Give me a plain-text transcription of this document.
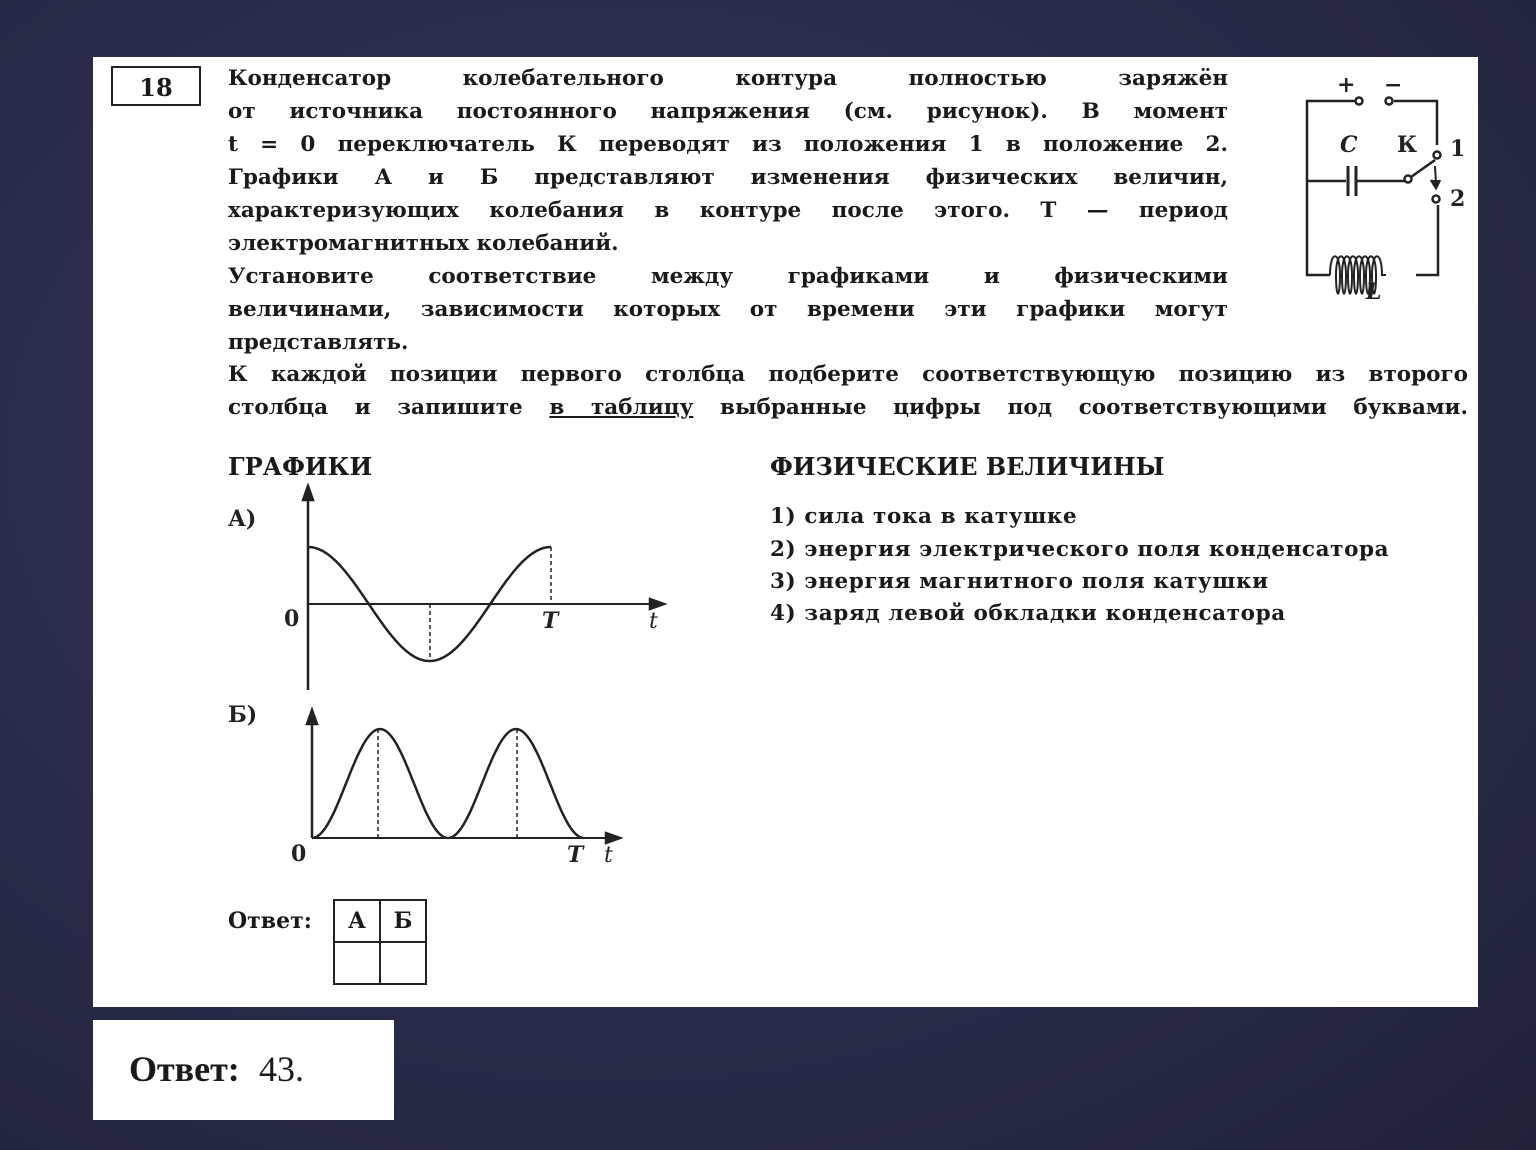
18	Конденсатор колебательного контура полностью заряжён
от источника постоянного напряжения (см. рисунок). В момент
t = 0 переключатель К переводят из положения 1 в положение 2.
Графики А и Б представляют изменения физических величин,
характеризующих колебания в контуре после этого. T — период
электромагнитных колебаний.
Установите соответствие между графиками и физическими
величинами, зависимости которых от времени эти графики могут
представлять.
К каждой позиции первого столбца подберите соответствующую позицию из второго
столбца и запишите в таблицу выбранные цифры под соответствующими буквами.
+ −
C К 1
2
L
А)
0	T	t
Б)
0	T t
ГРАФИКИ	ФИЗИЧЕСКИЕ ВЕЛИЧИНЫ
1) сила тока в катушке
2) энергия электрического поля конденсатора
3) энергия магнитного поля катушки
4) заряд левой обкладки конденсатора
Ответ: А	Б

Ответ: 43.
